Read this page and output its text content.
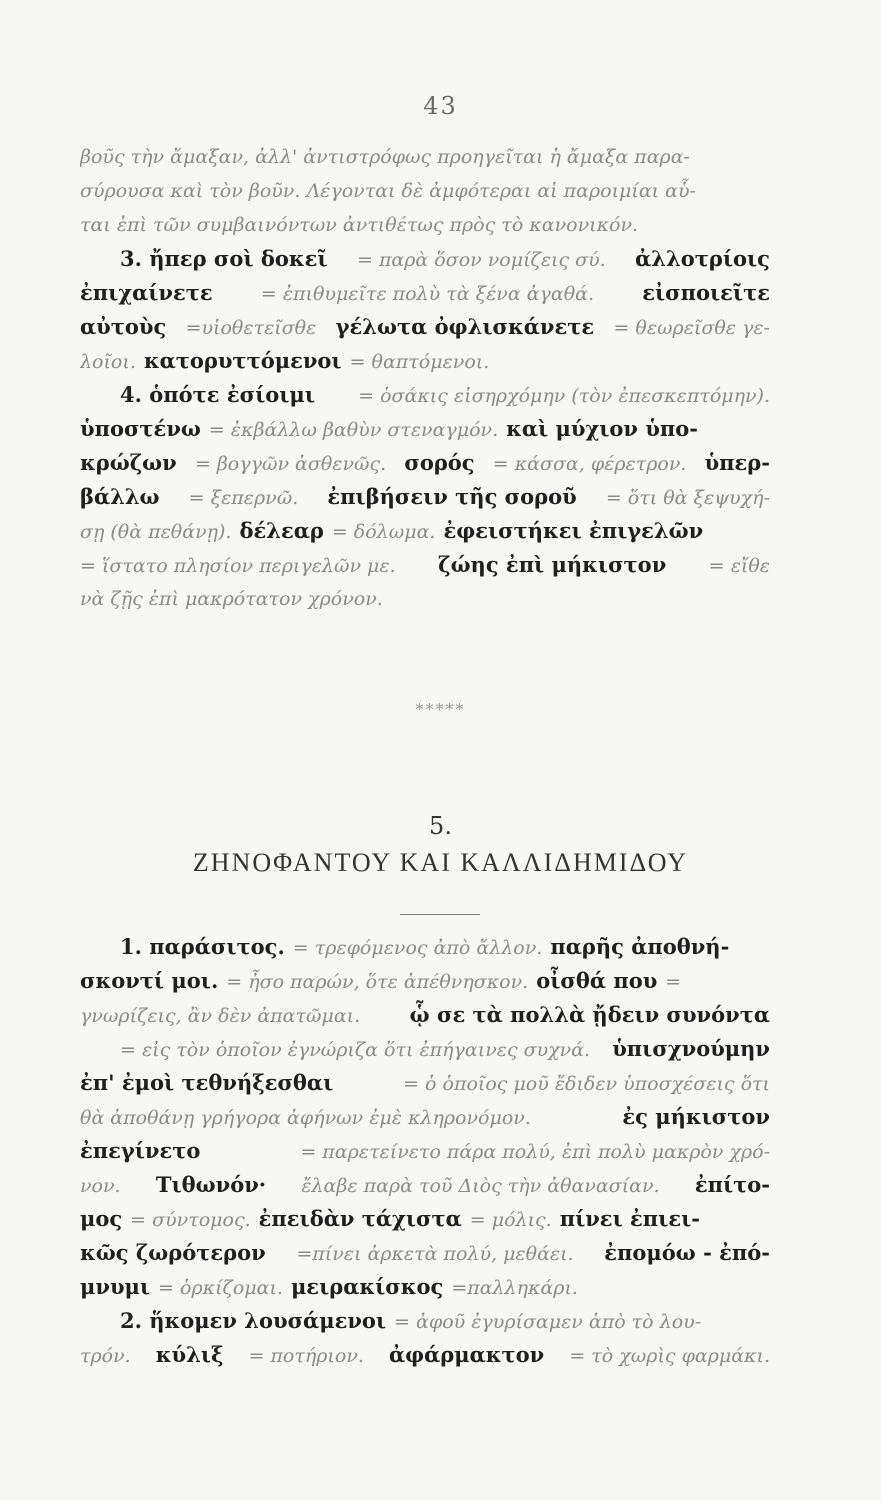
43
βοῦς τὴν ἄμαξαν, ἀλλ' ἀντιστρόφως προηγεῖται ἡ ἄμαξα παρα-
σύρουσα καὶ τὸν βοῦν. Λέγονται δὲ ἀμφότεραι αἱ παροιμίαι αὗ-
ται ἐπὶ τῶν συμβαινόντων ἀντιθέτως πρὸς τὸ κανονικόν.
3. ἤπερ σοὶ δοκεῖ = παρὰ ὅσον νομίζεις σύ. ἀλλοτρίοις
ἐπιχαίνετε	= ἐπιθυμεῖτε πολὺ τὰ ξένα ἀγαθά. εἰσποιεῖτε
αὐτοὺς =υἱοθετεῖσθε γέλωτα ὀφλισκάνετε = θεωρεῖσθε γε-
λοῖοι. κατορυττόμενοι = θαπτόμενοι.
4. ὁπότε ἐσίοιμι = ὁσάκις εἰσηρχόμην (τὸν ἐπεσκεπτόμην).
ὑποστένω = ἐκβάλλω βαθὺν στεναγμόν. καὶ μύχιον ὑπο-
κρώζων = βογγῶν ἀσθενῶς. σορός = κάσσα, φέρετρον. ὑπερ-
βάλλω = ξεπερνῶ. ἐπιβήσειν τῆς σοροῦ = ὅτι θὰ ξεψυχή-
σῃ (θὰ πεθάνῃ). δέλεαρ = δόλωμα. ἐφειστήκει ἐπιγελῶν
= ἵστατο πλησίον περιγελῶν με. ζώης ἐπὶ μήκιστον = εἴθε
νὰ ζῇς ἐπὶ μακρότατον χρόνον.
*****
5.
ΖΗΝΟΦΑΝΤΟΥ ΚΑΙ ΚΑΛΛΙΔΗΜΙΔΟΥ
1. παράσιτος. = τρεφόμενος ἀπὸ ἄλλον. παρῆς ἀποθνή-
σκοντί μοι. = ἦσο παρών, ὅτε ἀπέθνησκον. οἶσθά που =
γνωρίζεις, ἂν δὲν ἀπατῶμαι. ᾧ σε τὰ πολλὰ ᾔδειν συνόντα
= εἰς τὸν ὁποῖον ἐγνώριζα ὅτι ἐπήγαινες συχνά. ὑπισχνούμην
ἐπ' ἐμοὶ τεθνήξεσθαι	= ὁ ὁποῖος μοῦ ἔδιδεν ὑποσχέσεις ὅτι
θὰ ἀποθάνῃ γρήγορα ἀφήνων ἐμὲ κληρονόμον.	ἐς μήκιστον
ἐπεγίνετο	= παρετείνετο πάρα πολύ, ἐπὶ πολὺ μακρὸν χρό-
νον. Τιθωνόν· ἔλαβε παρὰ τοῦ Διὸς τὴν ἀθανασίαν. ἐπίτο-
μος = σύντομος. ἐπειδὰν τάχιστα = μόλις. πίνει ἐπιει-
κῶς ζωρότερον =πίνει ἀρκετὰ πολύ, μεθάει. ἐπομόω - ἐπό-
μνυμι = ὁρκίζομαι. μειρακίσκος =παλληκάρι.
2. ἥκομεν λουσάμενοι = ἀφοῦ ἐγυρίσαμεν ἀπὸ τὸ λου-
τρόν. κύλιξ = ποτήριον. ἀφάρμακτον = τὸ χωρὶς φαρμάκι.
